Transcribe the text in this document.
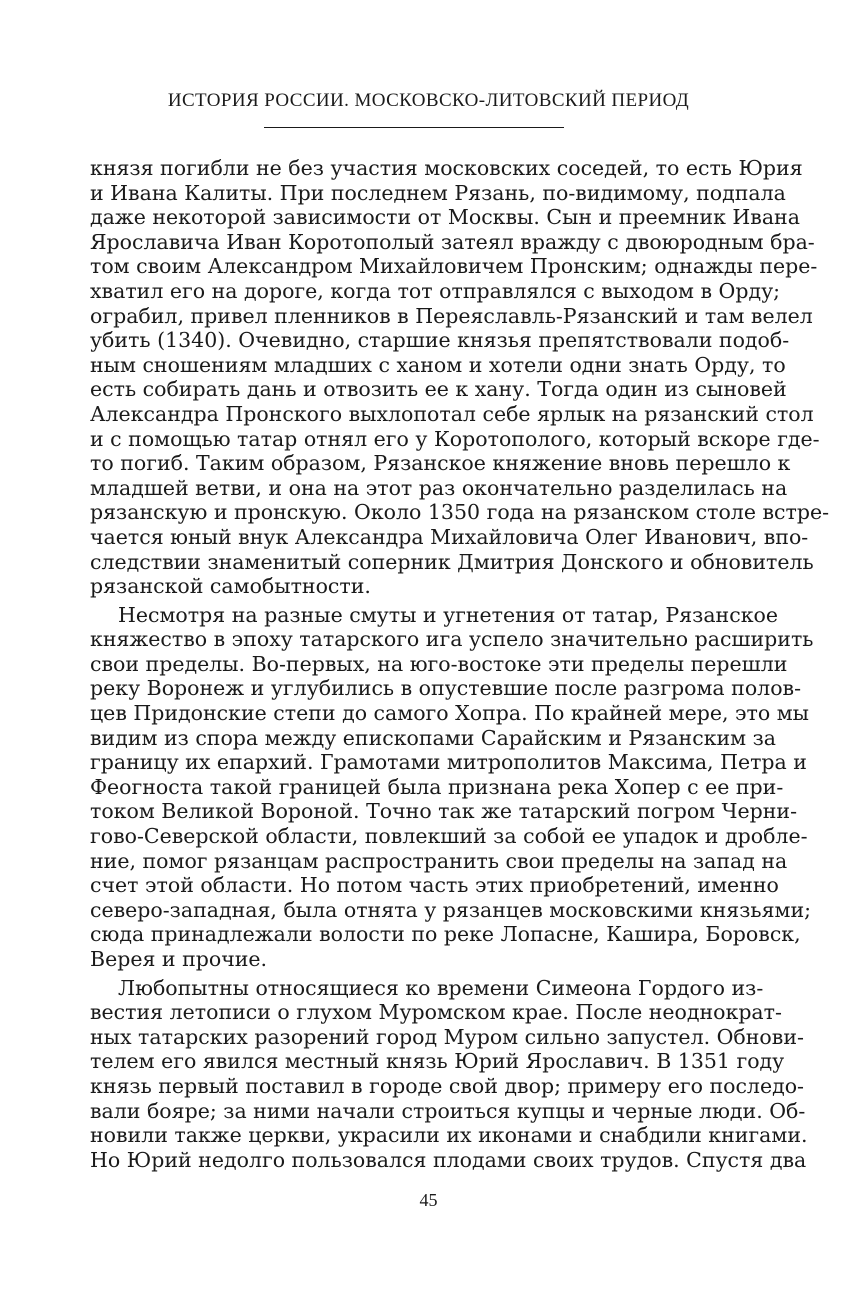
ИСТОРИЯ РОССИИ. МОСКОВСКО-ЛИТОВСКИЙ ПЕРИОД
князя погибли не без участия московских соседей, то есть Юрия
и Ивана Калиты. При последнем Рязань, по-видимому, подпала
даже некоторой зависимости от Москвы. Сын и преемник Ивана
Ярославича Иван Коротополый затеял вражду с двоюродным бра-
том своим Александром Михайловичем Пронским; однажды пере-
хватил его на дороге, когда тот отправлялся с выходом в Орду;
ограбил, привел пленников в Переяславль-Рязанский и там велел
убить (1340). Очевидно, старшие князья препятствовали подоб-
ным сношениям младших с ханом и хотели одни знать Орду, то
есть собирать дань и отвозить ее к хану. Тогда один из сыновей
Александра Пронского выхлопотал себе ярлык на рязанский стол
и с помощью татар отнял его у Коротополого, который вскоре где-
то погиб. Таким образом, Рязанское княжение вновь перешло к
младшей ветви, и она на этот раз окончательно разделилась на
рязанскую и пронскую. Около 1350 года на рязанском столе встре-
чается юный внук Александра Михайловича Олег Иванович, впо-
следствии знаменитый соперник Дмитрия Донского и обновитель
рязанской самобытности.
Несмотря на разные смуты и угнетения от татар, Рязанское
княжество в эпоху татарского ига успело значительно расширить
свои пределы. Во-первых, на юго-востоке эти пределы перешли
реку Воронеж и углубились в опустевшие после разгрома полов-
цев Придонские степи до самого Хопра. По крайней мере, это мы
видим из спора между епископами Сарайским и Рязанским за
границу их епархий. Грамотами митрополитов Максима, Петра и
Феогноста такой границей была признана река Хопер с ее при-
током Великой Вороной. Точно так же татарский погром Черни-
гово-Северской области, повлекший за собой ее упадок и дробле-
ние, помог рязанцам распространить свои пределы на запад на
счет этой области. Но потом часть этих приобретений, именно
северо-западная, была отнята у рязанцев московскими князьями;
сюда принадлежали волости по реке Лопасне, Кашира, Боровск,
Верея и прочие.
Любопытны относящиеся ко времени Симеона Гордого из-
вестия летописи о глухом Муромском крае. После неоднократ-
ных татарских разорений город Муром сильно запустел. Обнови-
телем его явился местный князь Юрий Ярославич. В 1351 году
князь первый поставил в городе свой двор; примеру его последо-
вали бояре; за ними начали строиться купцы и черные люди. Об-
новили также церкви, украсили их иконами и снабдили книгами.
Но Юрий недолго пользовался плодами своих трудов. Спустя два
45
